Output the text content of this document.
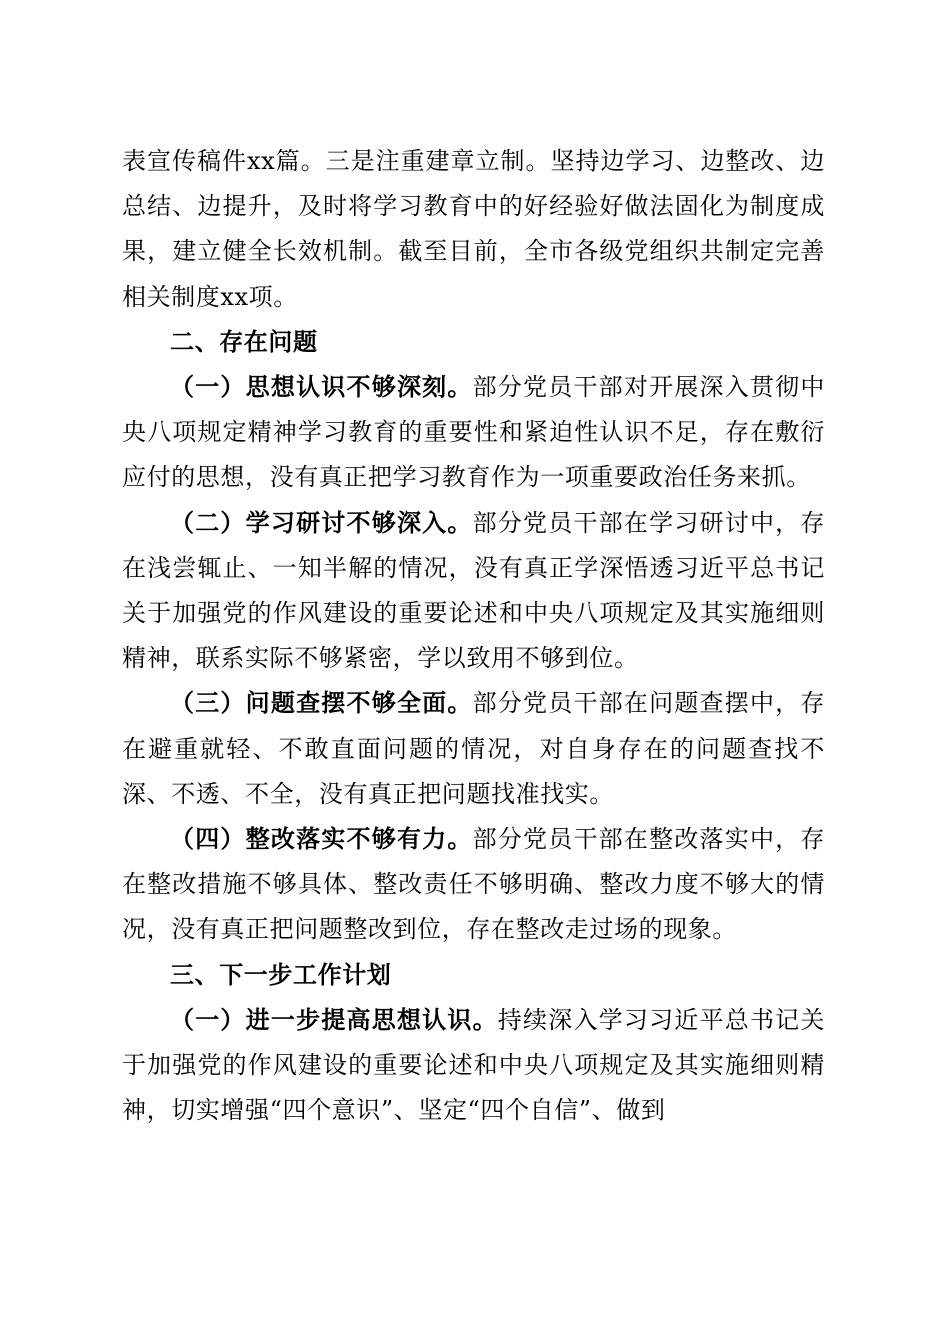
表宣传稿件xx篇。三是注重建章立制。坚持边学习、边整改、边总结、边提升，及时将学习教育中的好经验好做法固化为制度成果，建立健全长效机制。截至目前，全市各级党组织共制定完善相关制度xx项。

二、存在问题

（一）思想认识不够深刻。部分党员干部对开展深入贯彻中央八项规定精神学习教育的重要性和紧迫性认识不足，存在敷衍应付的思想，没有真正把学习教育作为一项重要政治任务来抓。

（二）学习研讨不够深入。部分党员干部在学习研讨中，存在浅尝辄止、一知半解的情况，没有真正学深悟透习近平总书记关于加强党的作风建设的重要论述和中央八项规定及其实施细则精神，联系实际不够紧密，学以致用不够到位。

（三）问题查摆不够全面。部分党员干部在问题查摆中，存在避重就轻、不敢直面问题的情况，对自身存在的问题查找不深、不透、不全，没有真正把问题找准找实。

（四）整改落实不够有力。部分党员干部在整改落实中，存在整改措施不够具体、整改责任不够明确、整改力度不够大的情况，没有真正把问题整改到位，存在整改走过场的现象。

三、下一步工作计划

（一）进一步提高思想认识。持续深入学习习近平总书记关于加强党的作风建设的重要论述和中央八项规定及其实施细则精神，切实增强“四个意识”、坚定“四个自信”、做到
